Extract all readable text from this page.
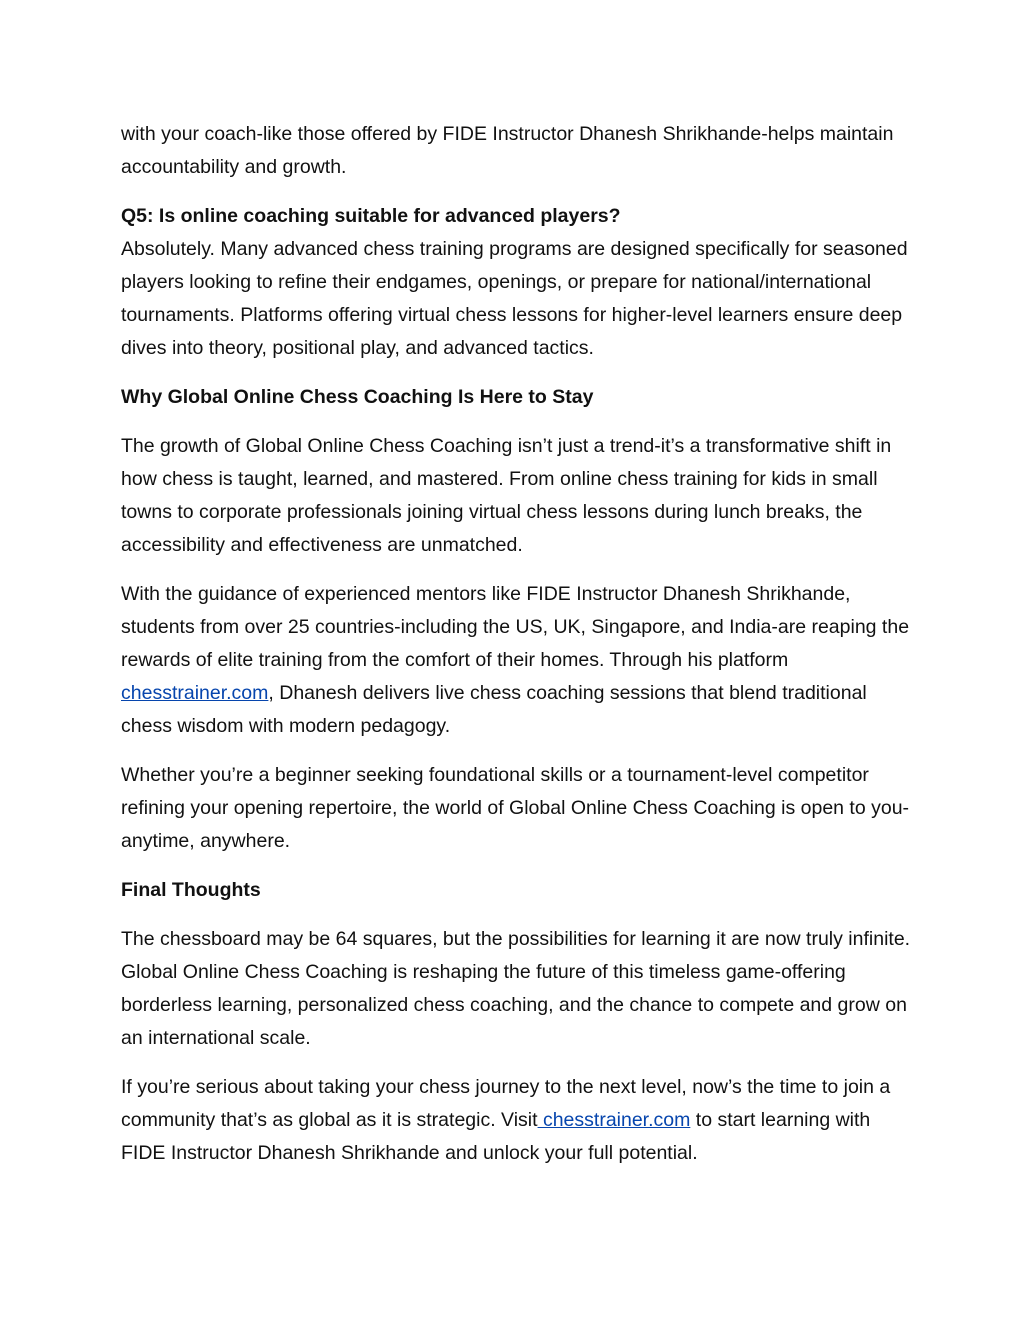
with your coach-like those offered by FIDE Instructor Dhanesh Shrikhande-helps maintain accountability and growth.

Q5: Is online coaching suitable for advanced players?
Absolutely. Many advanced chess training programs are designed specifically for seasoned players looking to refine their endgames, openings, or prepare for national/international tournaments. Platforms offering virtual chess lessons for higher-level learners ensure deep dives into theory, positional play, and advanced tactics.

Why Global Online Chess Coaching Is Here to Stay

The growth of Global Online Chess Coaching isn’t just a trend-it’s a transformative shift in how chess is taught, learned, and mastered. From online chess training for kids in small towns to corporate professionals joining virtual chess lessons during lunch breaks, the accessibility and effectiveness are unmatched.

With the guidance of experienced mentors like FIDE Instructor Dhanesh Shrikhande, students from over 25 countries-including the US, UK, Singapore, and India-are reaping the rewards of elite training from the comfort of their homes. Through his platform chesstrainer.com, Dhanesh delivers live chess coaching sessions that blend traditional chess wisdom with modern pedagogy.

Whether you’re a beginner seeking foundational skills or a tournament-level competitor refining your opening repertoire, the world of Global Online Chess Coaching is open to you-anytime, anywhere.

Final Thoughts

The chessboard may be 64 squares, but the possibilities for learning it are now truly infinite. Global Online Chess Coaching is reshaping the future of this timeless game-offering borderless learning, personalized chess coaching, and the chance to compete and grow on an international scale.

If you’re serious about taking your chess journey to the next level, now’s the time to join a community that’s as global as it is strategic. Visit chesstrainer.com to start learning with FIDE Instructor Dhanesh Shrikhande and unlock your full potential.
